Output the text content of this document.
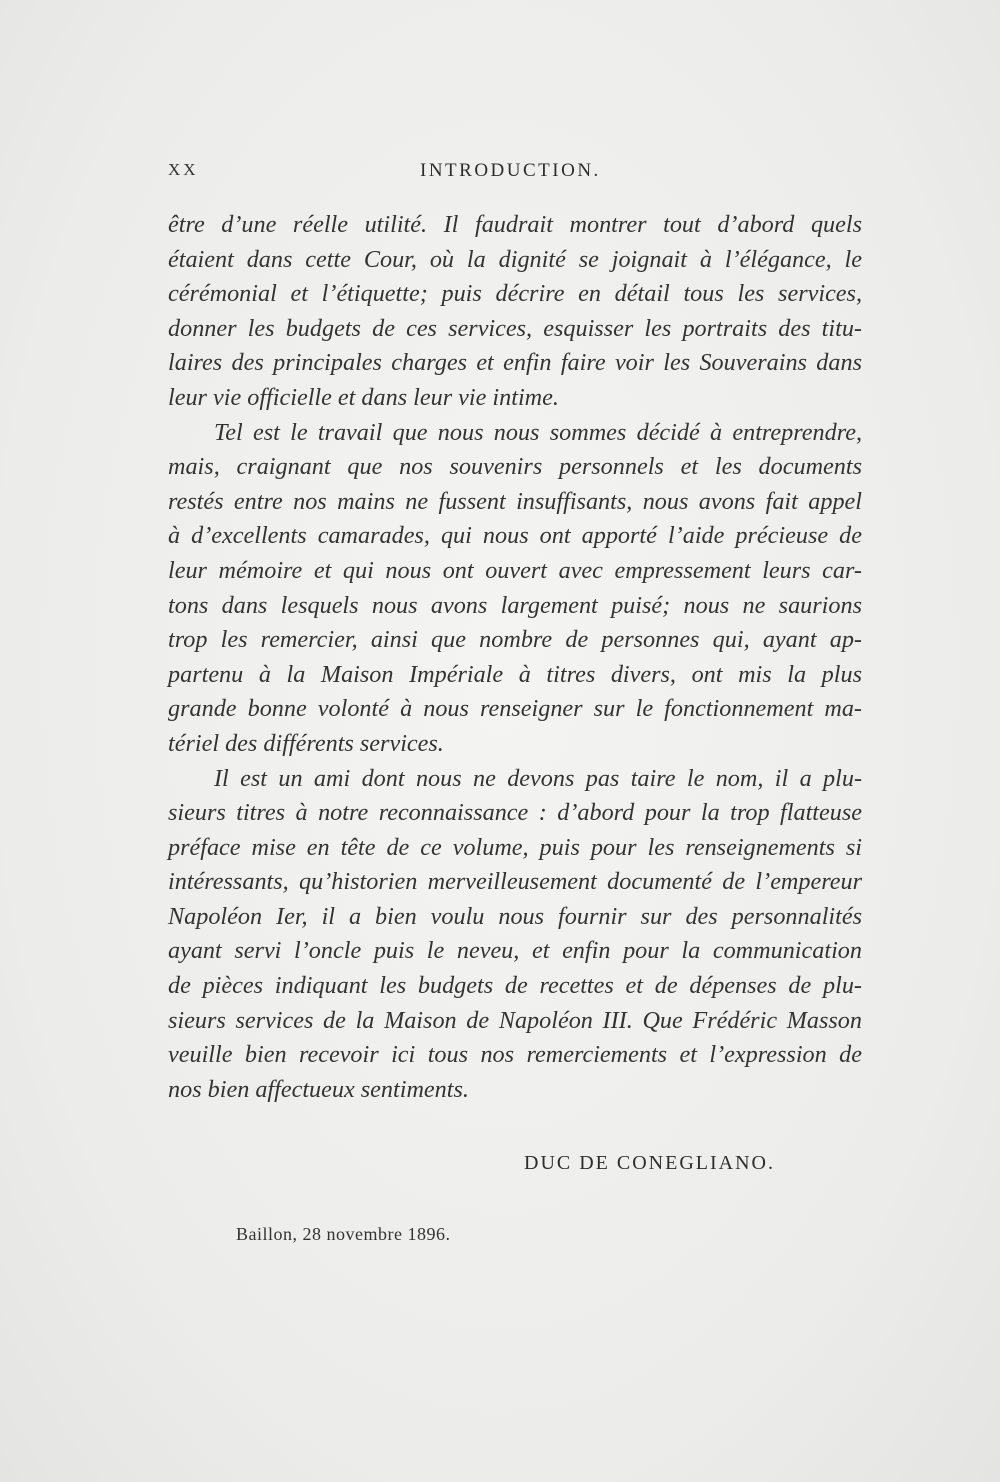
XX	INTRODUCTION.
être d’une réelle utilité. Il faudrait montrer tout d’abord quels
étaient dans cette Cour, où la dignité se joignait à l’élégance, le
cérémonial et l’étiquette; puis décrire en détail tous les services,
donner les budgets de ces services, esquisser les portraits des titu-
laires des principales charges et enfin faire voir les Souverains dans
leur vie officielle et dans leur vie intime.
Tel est le travail que nous nous sommes décidé à entreprendre,
mais, craignant que nos souvenirs personnels et les documents
restés entre nos mains ne fussent insuffisants, nous avons fait appel
à d’excellents camarades, qui nous ont apporté l’aide précieuse de
leur mémoire et qui nous ont ouvert avec empressement leurs car-
tons dans lesquels nous avons largement puisé; nous ne saurions
trop les remercier, ainsi que nombre de personnes qui, ayant ap-
partenu à la Maison Impériale à titres divers, ont mis la plus
grande bonne volonté à nous renseigner sur le fonctionnement ma-
tériel des différents services.
Il est un ami dont nous ne devons pas taire le nom, il a plu-
sieurs titres à notre reconnaissance : d’abord pour la trop flatteuse
préface mise en tête de ce volume, puis pour les renseignements si
intéressants, qu’historien merveilleusement documenté de l’empereur
Napoléon Ier, il a bien voulu nous fournir sur des personnalités
ayant servi l’oncle puis le neveu, et enfin pour la communication
de pièces indiquant les budgets de recettes et de dépenses de plu-
sieurs services de la Maison de Napoléon III. Que Frédéric Masson
veuille bien recevoir ici tous nos remerciements et l’expression de
nos bien affectueux sentiments.
DUC DE CONEGLIANO.
Baillon, 28 novembre 1896.
